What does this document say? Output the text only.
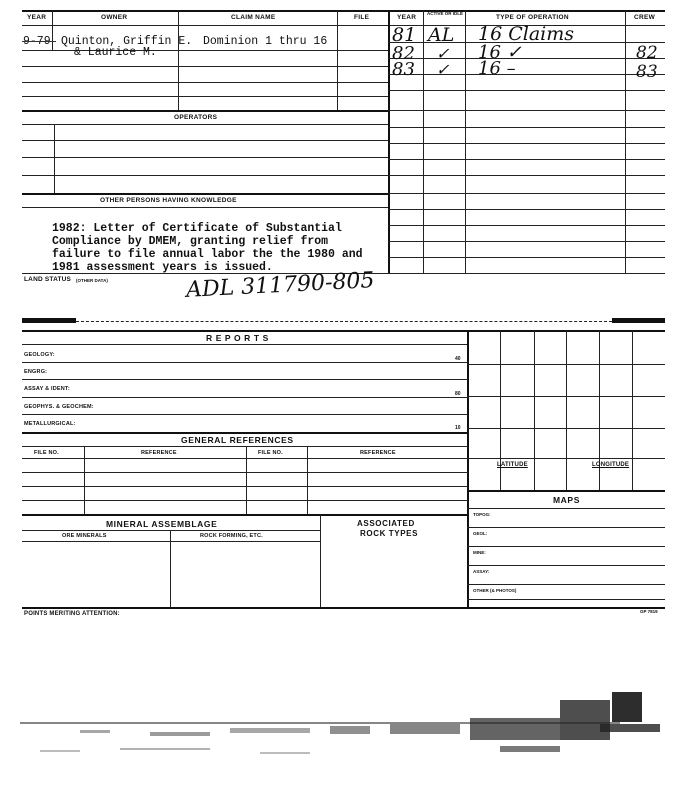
YEAR	OWNER	CLAIM NAME	FILE	YEAR
ACTIVE OR IDLE
TYPE OF OPERATION	CREW
9-79 Quinton, Griffin E.
& Laurice M.
Dominion 1 thru 16	81 AL 16 Claims
82 ✓ 16 ✓	82
83 ✓ 16 –	83
OPERATORS
OTHER PERSONS HAVING KNOWLEDGE

1982: Letter of Certificate of Substantial

Compliance by DMEM, granting relief from

failure to file annual labor the the 1980 and

1981 assessment years is issued.

LAND STATUS (OTHER DATA)	ADL 311790-805
R E P O R T S
GEOLOGY:
40
ENGRG:
ASSAY & IDENT:
80
GEOPHYS. & GEOCHEM:
METALLURGICAL:
10
GENERAL REFERENCES
FILE NO.	REFERENCE	FILE NO.	REFERENCE
LATITUDE	LONGITUDE
MAPS
TOPOG:
GEOL:
MINE:
ASSAY:
OTHER (& PHOTOS)
MINERAL ASSEMBLAGE	ASSOCIATED
ROCK TYPES
ORE MINERALS	ROCK FORMING, ETC.
POINTS MERITING ATTENTION:	GP 7819
